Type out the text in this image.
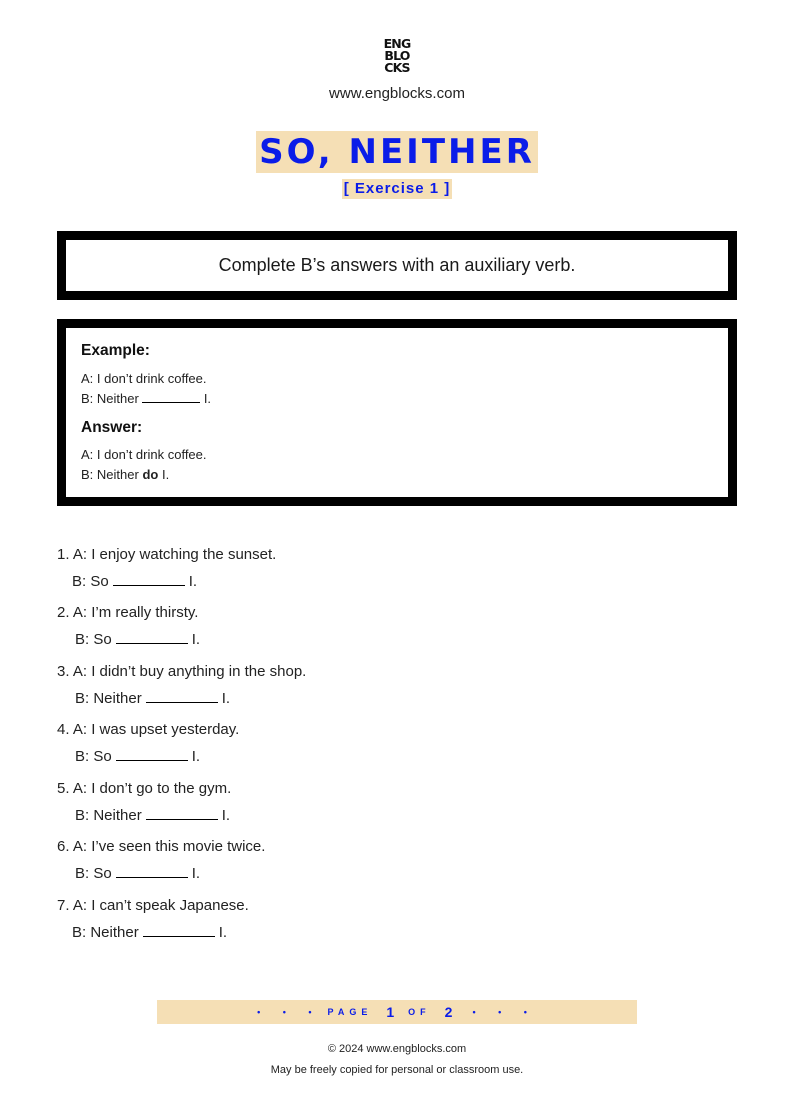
ENG
BLO
CKS
www.engblocks.com
SO, NEITHER
[ Exercise 1 ]
Complete B’s answers with an auxiliary verb.
Example:
A: I don’t drink coffee.
B: Neither	I.
Answer:
A: I don’t drink coffee.
B: Neither do I.
1. A: I enjoy watching the sunset.
B: So	I.
2. A: I’m really thirsty.
B: So	I.
3. A: I didn’t buy anything in the shop.
B: Neither	I.
4. A: I was upset yesterday.
B: So	I.
5. A: I don’t go to the gym.
B: Neither	I.
6. A: I’ve seen this movie twice.
B: So	I.
7. A: I can’t speak Japanese.
B: Neither	I.
• • • PAGE 1 OF 2 • • •
© 2024 www.engblocks.com
May be freely copied for personal or classroom use.
